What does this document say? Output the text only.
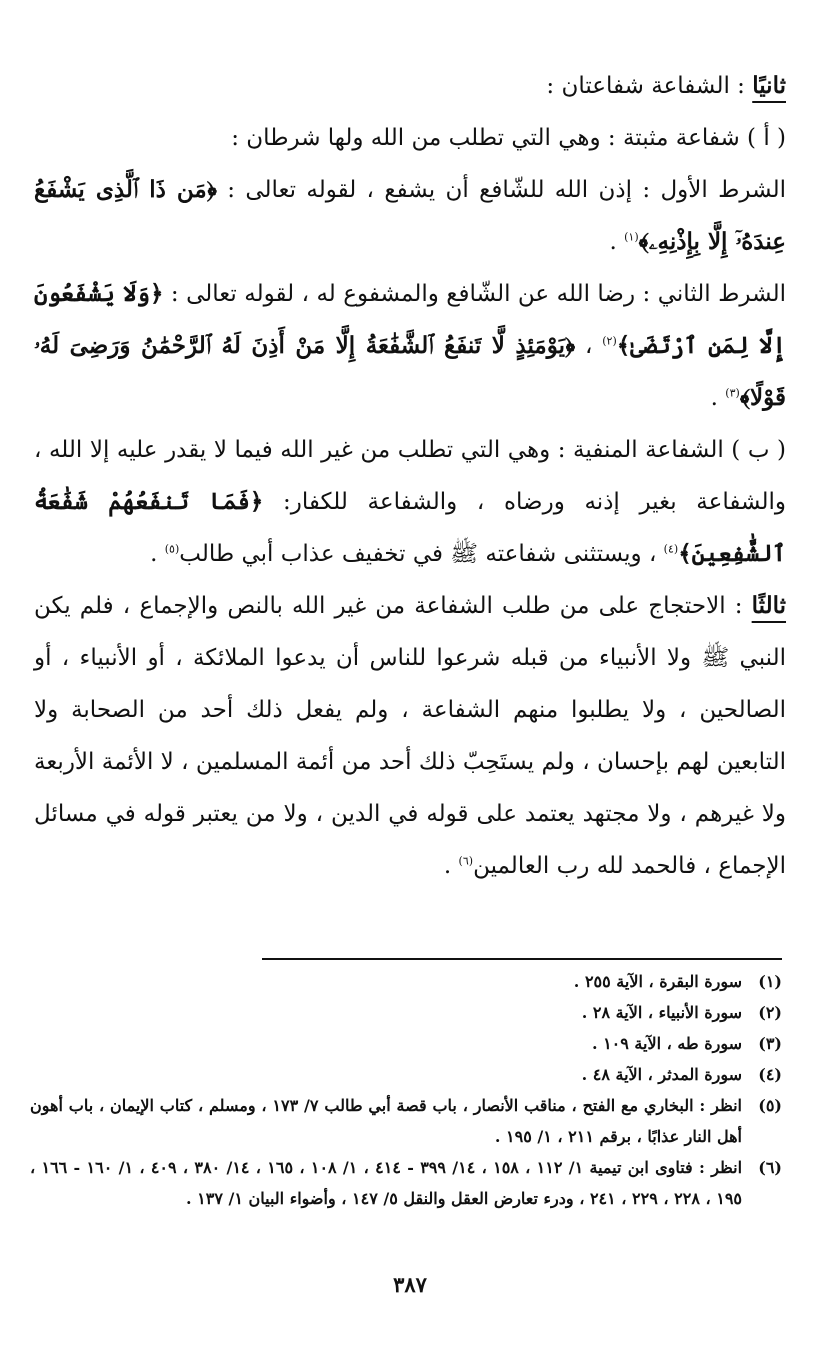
ثانيًا : الشفاعة شفاعتان :

( أ ) شفاعة مثبتة : وهي التي تطلب من الله ولها شرطان :

الشرط الأول : إذن الله للشّافع أن يشفع ، لقوله تعالى : ﴿مَن ذَا ٱلَّذِى يَشْفَعُ عِندَهُۥٓ إِلَّا بِإِذْنِهِۦ﴾$^{(١)}$ .

الشرط الثاني : رضا الله عن الشّافع والمشفوع له ، لقوله تعالى : ﴿وَلَا يَشْفَعُونَ إِلَّا لِمَنِ ٱرْتَضَىٰ﴾$^{(٢)}$ ، ﴿يَوْمَئِذٍ لَّا تَنفَعُ ٱلشَّفَٰعَةُ إِلَّا مَنْ أَذِنَ لَهُ ٱلرَّحْمَٰنُ وَرَضِىَ لَهُۥ قَوْلًا﴾$^{(٣)}$ .

( ب ) الشفاعة المنفية : وهي التي تطلب من غير الله فيما لا يقدر عليه إلا الله ، والشفاعة بغير إذنه ورضاه ، والشفاعة للكفار: ﴿فَمَا تَنفَعُهُمْ شَفَٰعَةُ ٱلشَّٰفِعِينَ﴾$^{(٤)}$ ، ويستثنى شفاعته ﷺ في تخفيف عذاب أبي طالب$^{(٥)}$ .

ثالثًا : الاحتجاج على من طلب الشفاعة من غير الله بالنص والإجماع ، فلم يكن النبي ﷺ ولا الأنبياء من قبله شرعوا للناس أن يدعوا الملائكة ، أو الأنبياء ، أو الصالحين ، ولا يطلبوا منهم الشفاعة ، ولم يفعل ذلك أحد من الصحابة ولا التابعين لهم بإحسان ، ولم يستَحِبّ ذلك أحد من أئمة المسلمين ، لا الأئمة الأربعة ولا غيرهم ، ولا مجتهد يعتمد على قوله في الدين ، ولا من يعتبر قوله في مسائل الإجماع ، فالحمد لله رب العالمين$^{(٦)}$ .

(١)
سورة البقرة ، الآية ٢٥٥ .

(٢)
سورة الأنبياء ، الآية ٢٨ .

(٣)
سورة طه ، الآية ١٠٩ .

(٤)
سورة المدثر ، الآية ٤٨ .

(٥)
انظر : البخاري مع الفتح ، مناقب الأنصار ، باب قصة أبي طالب ٧/ ١٧٣ ، ومسلم ، كتاب الإيمان ، باب أهون أهل النار عذابًا ، برقم ٢١١ ، ١/ ١٩٥ .

(٦)
انظر : فتاوى ابن تيمية ١/ ١١٢ ، ١٥٨ ، ١٤/ ٣٩٩ - ٤١٤ ، ١/ ١٠٨ ، ١٦٥ ، ١٤/ ٣٨٠ ، ٤٠٩ ، ١/ ١٦٠ - ١٦٦ ، ١٩٥ ، ٢٢٨ ، ٢٢٩ ، ٢٤١ ، ودرء تعارض العقل والنقل ٥/ ١٤٧ ، وأضواء البيان ١/ ١٣٧ .

٣٨٧
